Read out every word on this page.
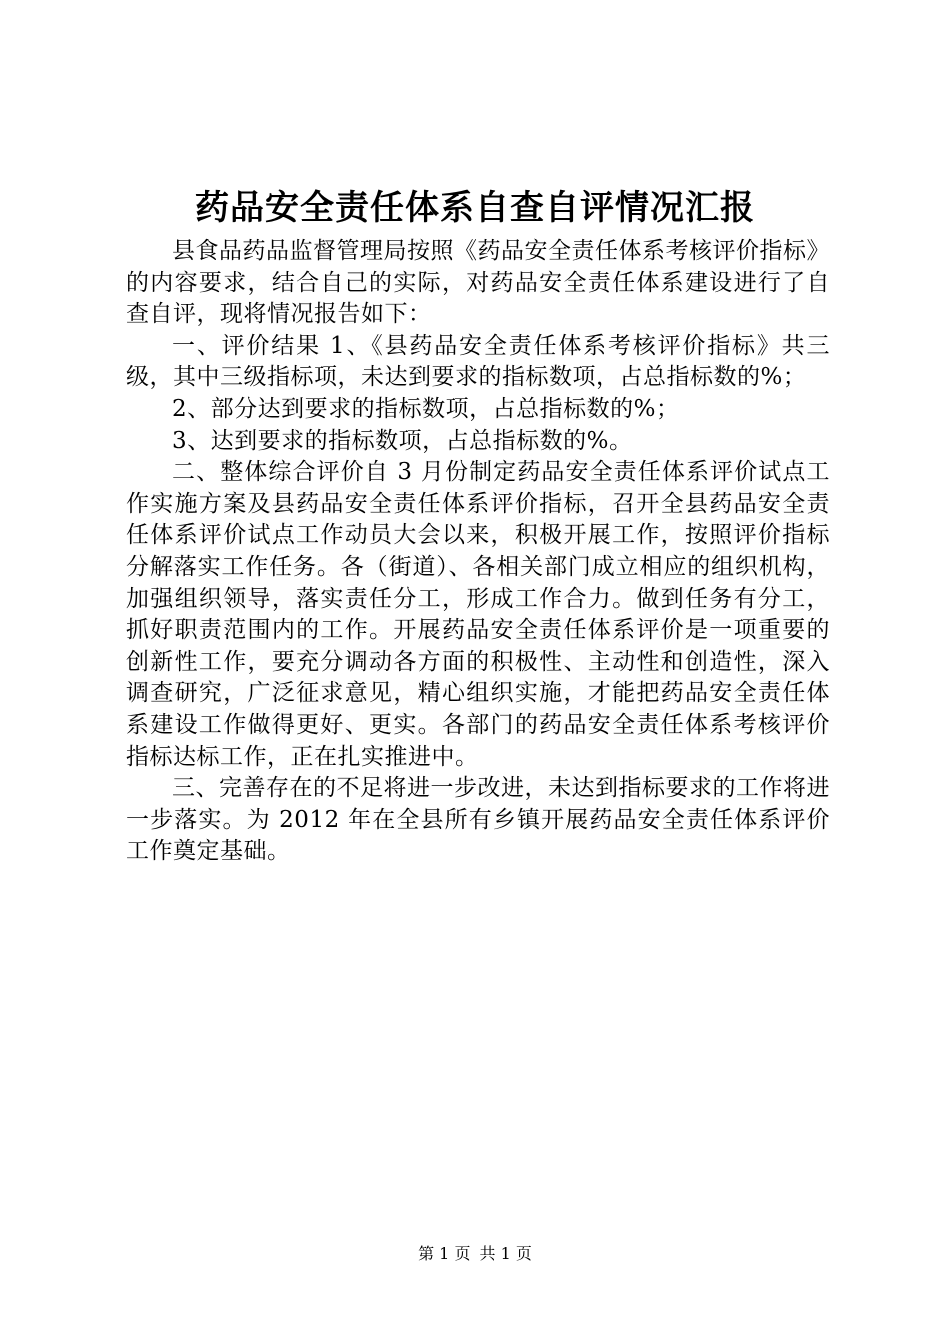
药品安全责任体系自查自评情况汇报

县食品药品监督管理局按照《药品安全责任体系考核评价指标》的内容要求，结合自己的实际，对药品安全责任体系建设进行了自查自评，现将情况报告如下：

一、评价结果 1、《县药品安全责任体系考核评价指标》共三级，其中三级指标项，未达到要求的指标数项，占总指标数的%；

2、部分达到要求的指标数项，占总指标数的%；

3、达到要求的指标数项，占总指标数的%。

二、整体综合评价自 3 月份制定药品安全责任体系评价试点工作实施方案及县药品安全责任体系评价指标，召开全县药品安全责任体系评价试点工作动员大会以来，积极开展工作，按照评价指标分解落实工作任务。各（街道）、各相关部门成立相应的组织机构，加强组织领导，落实责任分工，形成工作合力。做到任务有分工，抓好职责范围内的工作。开展药品安全责任体系评价是一项重要的创新性工作，要充分调动各方面的积极性、主动性和创造性，深入调查研究，广泛征求意见，精心组织实施，才能把药品安全责任体系建设工作做得更好、更实。各部门的药品安全责任体系考核评价指标达标工作，正在扎实推进中。

三、完善存在的不足将进一步改进，未达到指标要求的工作将进一步落实。为 2012 年在全县所有乡镇开展药品安全责任体系评价工作奠定基础。

第 1 页 共 1 页
